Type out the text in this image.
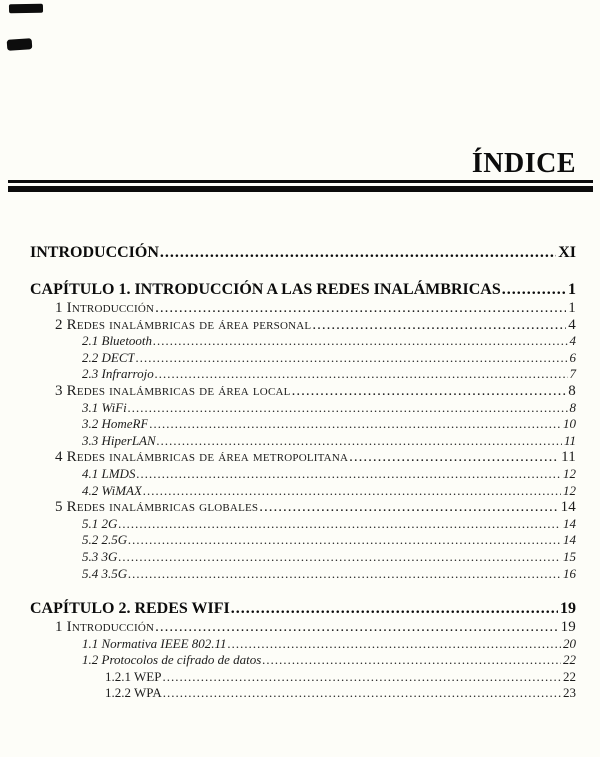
ÍNDICE
INTRODUCCIÓN .....	XI
CAPÍTULO 1. INTRODUCCIÓN A LAS REDES INALÁMBRICAS .....	1
1 Introducción .....	1
2 Redes inalámbricas de área personal .....	4
2.1 Bluetooth .....	4
2.2 DECT .....	6
2.3 Infrarrojo .....	7
3 Redes inalámbricas de área local .....	8
3.1 WiFi .....	8
3.2 HomeRF .....	10
3.3 HiperLAN .....	11
4 Redes inalámbricas de área metropolitana .....	11
4.1 LMDS .....	12
4.2 WiMAX .....	12
5 Redes inalámbricas globales .....	14
5.1 2G .....	14
5.2 2.5G .....	14
5.3 3G .....	15
5.4 3.5G .....	16
CAPÍTULO 2. REDES WIFI .....	19
1 Introducción .....	19
1.1 Normativa IEEE 802.11 .....	20
1.2 Protocolos de cifrado de datos .....	22
1.2.1 WEP .....	22
1.2.2 WPA .....	23
